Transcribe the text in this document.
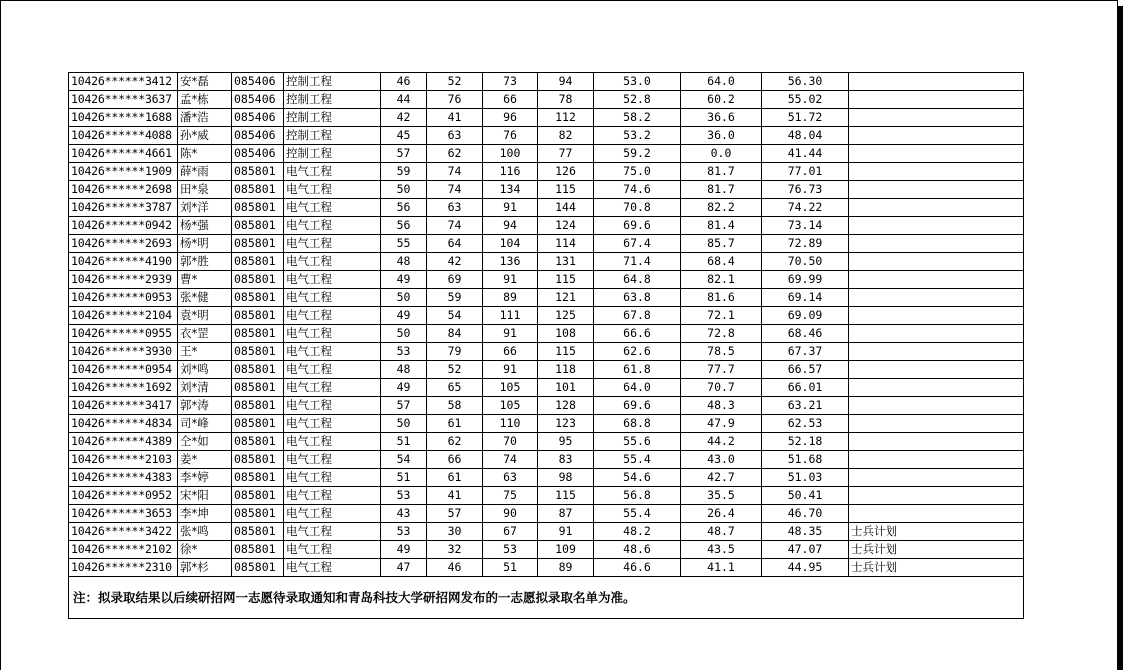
10426******3412	安*磊	085406	控制工程	46	52	73	94	53.0	64.0	56.30	
10426******3637	孟*栋	085406	控制工程	44	76	66	78	52.8	60.2	55.02	
10426******1688	潘*浩	085406	控制工程	42	41	96	112	58.2	36.6	51.72	
10426******4088	孙*威	085406	控制工程	45	63	76	82	53.2	36.0	48.04	
10426******4661	陈*	085406	控制工程	57	62	100	77	59.2	0.0	41.44	
10426******1909	薛*雨	085801	电气工程	59	74	116	126	75.0	81.7	77.01	
10426******2698	田*泉	085801	电气工程	50	74	134	115	74.6	81.7	76.73	
10426******3787	刘*洋	085801	电气工程	56	63	91	144	70.8	82.2	74.22	
10426******0942	杨*强	085801	电气工程	56	74	94	124	69.6	81.4	73.14	
10426******2693	杨*明	085801	电气工程	55	64	104	114	67.4	85.7	72.89	
10426******4190	郭*胜	085801	电气工程	48	42	136	131	71.4	68.4	70.50	
10426******2939	曹*	085801	电气工程	49	69	91	115	64.8	82.1	69.99	
10426******0953	张*健	085801	电气工程	50	59	89	121	63.8	81.6	69.14	
10426******2104	袁*明	085801	电气工程	49	54	111	125	67.8	72.1	69.09	
10426******0955	衣*罡	085801	电气工程	50	84	91	108	66.6	72.8	68.46	
10426******3930	王*	085801	电气工程	53	79	66	115	62.6	78.5	67.37	
10426******0954	刘*鸣	085801	电气工程	48	52	91	118	61.8	77.7	66.57	
10426******1692	刘*清	085801	电气工程	49	65	105	101	64.0	70.7	66.01	
10426******3417	郭*涛	085801	电气工程	57	58	105	128	69.6	48.3	63.21	
10426******4834	司*峰	085801	电气工程	50	61	110	123	68.8	47.9	62.53	
10426******4389	仝*如	085801	电气工程	51	62	70	95	55.6	44.2	52.18	
10426******2103	姜*	085801	电气工程	54	66	74	83	55.4	43.0	51.68	
10426******4383	李*婷	085801	电气工程	51	61	63	98	54.6	42.7	51.03	
10426******0952	宋*阳	085801	电气工程	53	41	75	115	56.8	35.5	50.41	
10426******3653	李*坤	085801	电气工程	43	57	90	87	55.4	26.4	46.70	
10426******3422	张*鸣	085801	电气工程	53	30	67	91	48.2	48.7	48.35	士兵计划
10426******2102	徐*	085801	电气工程	49	32	53	109	48.6	43.5	47.07	士兵计划
10426******2310	郭*杉	085801	电气工程	47	46	51	89	46.6	41.1	44.95	士兵计划
注：拟录取结果以后续研招网一志愿待录取通知和青岛科技大学研招网发布的一志愿拟录取名单为准。											
